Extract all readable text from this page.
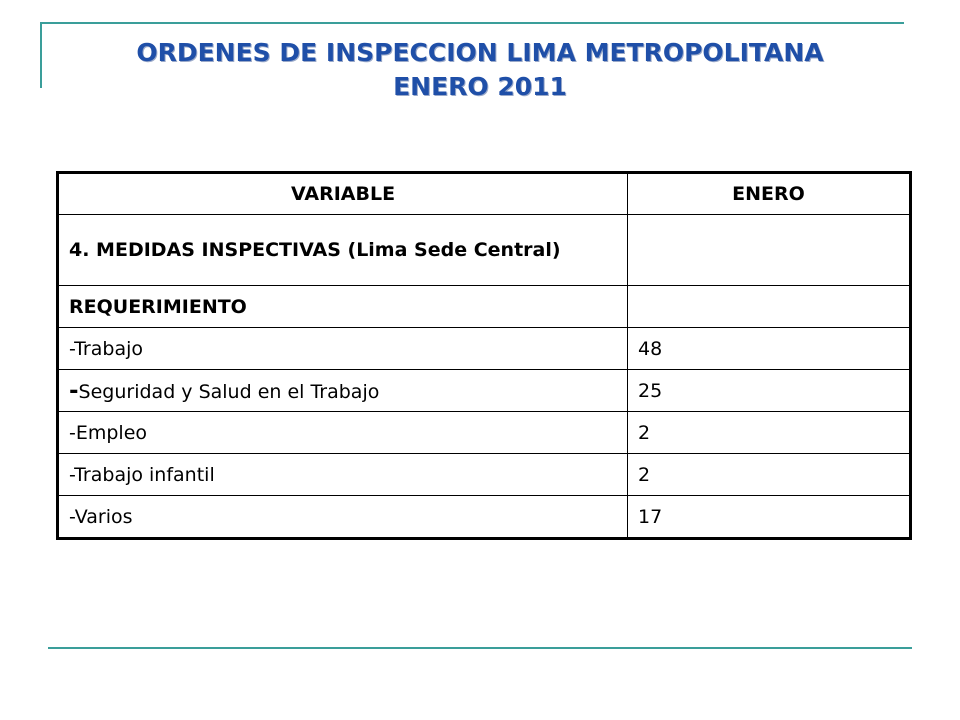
ORDENES DE INSPECCION LIMA METROPOLITANA
ENERO 2011
VARIABLE	ENERO
4. MEDIDAS INSPECTIVAS (Lima Sede Central)	
REQUERIMIENTO	
-Trabajo	48
-Seguridad y Salud en el Trabajo	25
-Empleo	2
-Trabajo infantil	2
-Varios	17
